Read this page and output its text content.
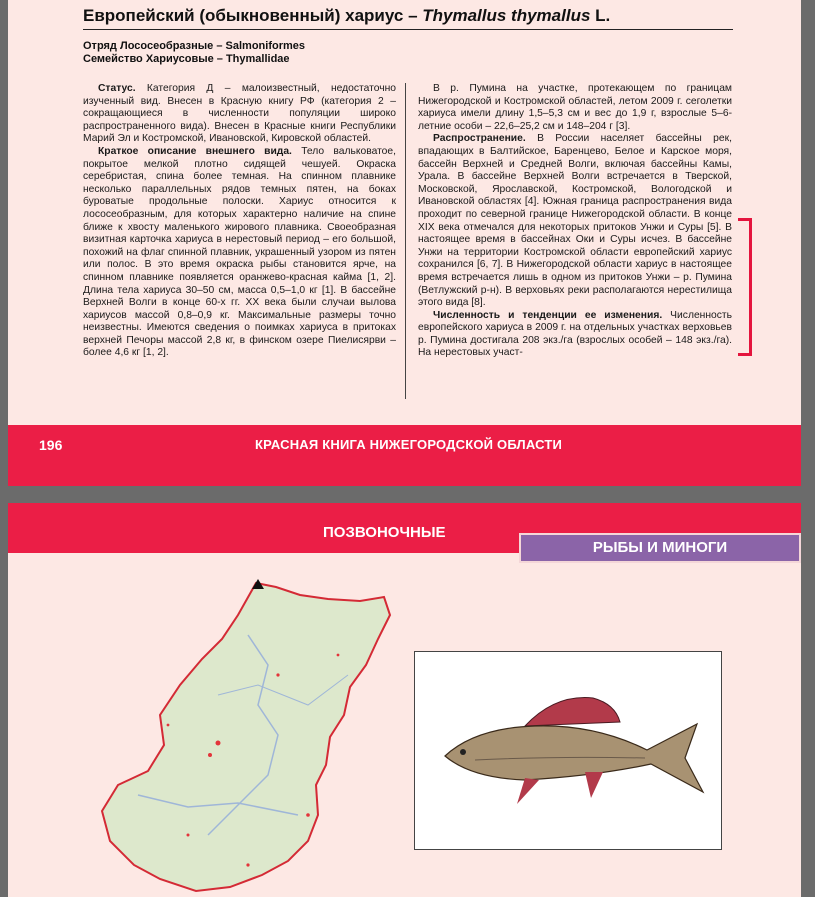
Европейский (обыкновенный) хариус – Thymallus thymallus L.
Отряд Лососеобразные – Salmoniformes
Семейство Хариусовые – Thymallidae

Статус. Категория Д – малоизвестный, недостаточно изученный вид. Внесен в Красную книгу РФ (категория 2 – сокращающиеся в численности популяции широко распространенного вида). Внесен в Красные книги Республики Марий Эл и Костромской, Ивановской, Кировской областей.

Краткое описание внешнего вида. Тело вальковатое, покрытое мелкой плотно сидящей чешуей. Окраска серебристая, спина более темная. На спинном плавнике несколько параллельных рядов темных пятен, на боках буроватые продольные полоски. Хариус относится к лососеобразным, для которых характерно наличие на спине ближе к хвосту маленького жирового плавника. Своеобразная визитная карточка хариуса в нерестовый период – его большой, похожий на флаг спинной плавник, украшенный узором из пятен или полос. В это время окраска рыбы становится ярче, на спинном плавнике появляется оранжево-красная кайма [1, 2]. Длина тела хариуса 30–50 см, масса 0,5–1,0 кг [1]. В бассейне Верхней Волги в конце 60-х гг. XX века были случаи вылова хариусов массой 0,8–0,9 кг. Максимальные размеры точно неизвестны. Имеются сведения о поимках хариуса в притоках верхней Печоры массой 2,8 кг, в финском озере Пиелисярви – более 4,6 кг [1, 2].

В р. Пумина на участке, протекающем по границам Нижегородской и Костромской областей, летом 2009 г. сеголетки хариуса имели длину 1,5–5,3 см и вес до 1,9 г, взрослые 5–6-летние особи – 22,6–25,2 см и 148–204 г [3].

Распространение. В России населяет бассейны рек, впадающих в Балтийское, Баренцево, Белое и Карское моря, бассейн Верхней и Средней Волги, включая бассейны Камы, Урала. В бассейне Верхней Волги встречается в Тверской, Московской, Ярославской, Костромской, Вологодской и Ивановской областях [4]. Южная граница распространения вида проходит по северной границе Нижегородской области. В конце XIX века отмечался для некоторых притоков Унжи и Суры [5]. В настоящее время в бассейнах Оки и Суры исчез. В бассейне Унжи на территории Костромской области европейский хариус сохранился [6, 7]. В Нижегородской области хариус в настоящее время встречается лишь в одном из притоков Унжи – р. Пумина (Ветлужский р-н). В верховьях реки располагаются нерестилища этого вида [8].

Численность и тенденции ее изменения. Численность европейского хариуса в 2009 г. на отдельных участках верховьев р. Пумина достигала 208 экз./га (взрослых особей – 148 экз./га). На нерестовых участ-

196	КРАСНАЯ КНИГА НИЖЕГОРОДСКОЙ ОБЛАСТИ
ПОЗВОНОЧНЫЕ
РЫБЫ И МИНОГИ
